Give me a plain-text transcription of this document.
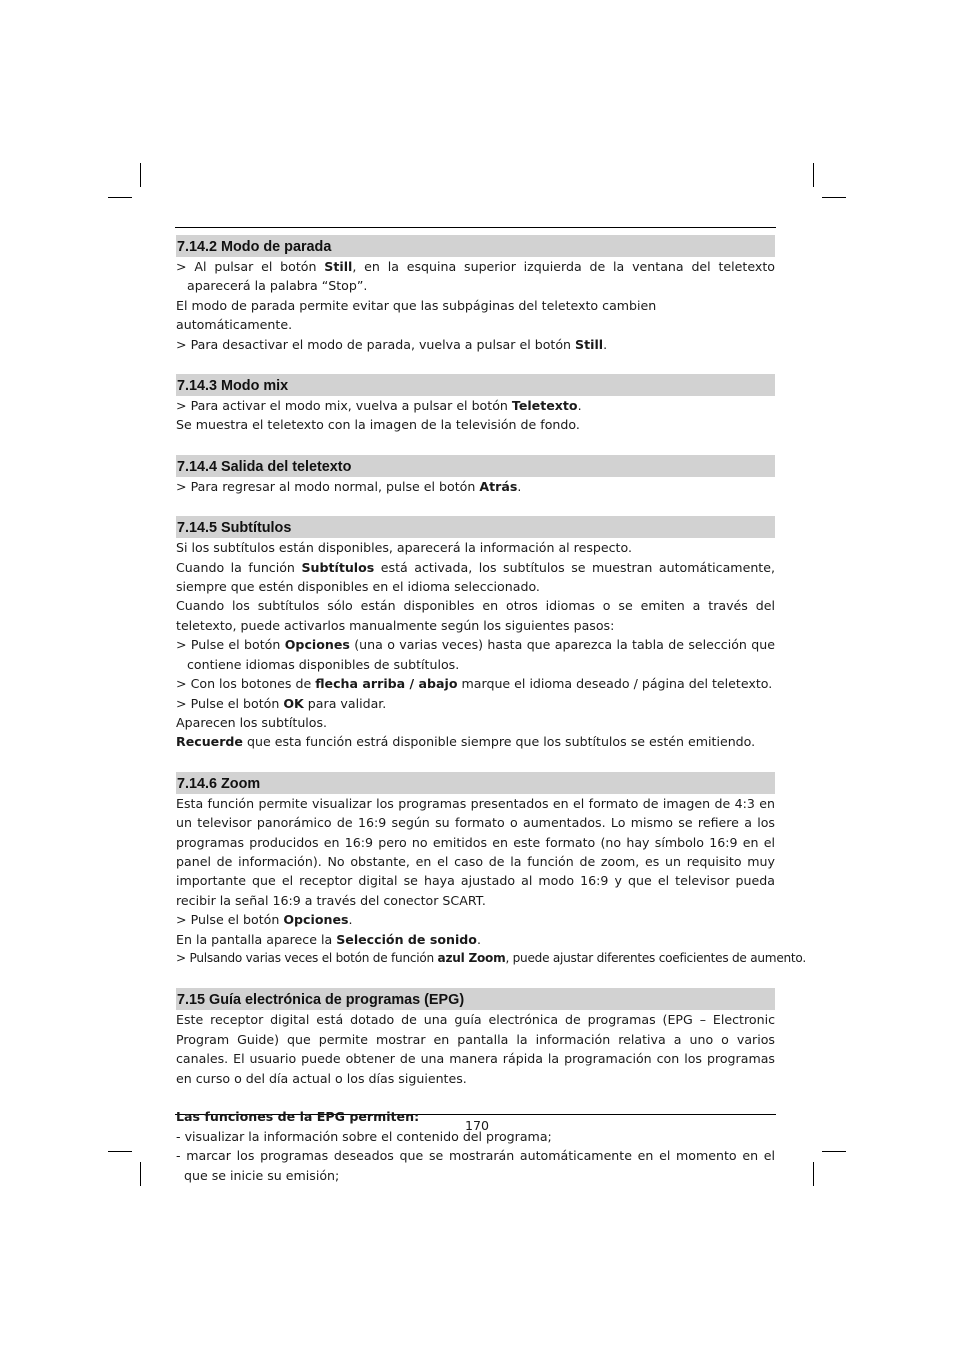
7.14.2 Modo de parada

> Al pulsar el botón Still, en la esquina superior izquierda de la ventana del teletexto aparecerá la palabra “Stop”.

El modo de parada permite evitar que las subpáginas del teletexto cambien automáticamente.

> Para desactivar el modo de parada, vuelva a pulsar el botón Still.

7.14.3 Modo mix

> Para activar el modo mix, vuelva a pulsar el botón Teletexto.

Se muestra el teletexto con la imagen de la televisión de fondo.

7.14.4 Salida del teletexto

> Para regresar al modo normal, pulse el botón Atrás.

7.14.5 Subtítulos

Si los subtítulos están disponibles, aparecerá la información al respecto.

Cuando la función Subtítulos está activada, los subtítulos se muestran automáticamente, siempre que estén disponibles en el idioma seleccionado.

Cuando los subtítulos sólo están disponibles en otros idiomas o se emiten a través del teletexto, puede activarlos manualmente según los siguientes pasos:

> Pulse el botón Opciones (una o varias veces) hasta que aparezca la tabla de selección que contiene idiomas disponibles de subtítulos.

> Con los botones de flecha arriba / abajo marque el idioma deseado / página del teletexto.

> Pulse el botón OK para validar.

Aparecen los subtítulos.

Recuerde que esta función estrá disponible siempre que los subtítulos se estén emitiendo.

7.14.6 Zoom

Esta función permite visualizar los programas presentados en el formato de imagen de 4:3 en un televisor panorámico de 16:9 según su formato o aumentados. Lo mismo se refiere a los programas producidos en 16:9 pero no emitidos en este formato (no hay símbolo 16:9 en el panel de información). No obstante, en el caso de la función de zoom, es un requisito muy importante que el receptor digital se haya ajustado al modo 16:9 y que el televisor pueda recibir la señal 16:9 a través del conector SCART.

> Pulse el botón Opciones.

En la pantalla aparece la Selección de sonido.

> Pulsando varias veces el botón de función azul Zoom, puede ajustar diferentes coeficientes de aumento.

7.15 Guía electrónica de programas (EPG)

Este receptor digital está dotado de una guía electrónica de programas (EPG – Electronic Program Guide) que permite mostrar en pantalla la información relativa a uno o varios canales. El usuario puede obtener de una manera rápida la programación con los programas en curso o del día actual o los días siguientes.

Las funciones de la EPG permiten:

- visualizar la información sobre el contenido del programa;

- marcar los programas deseados que se mostrarán automáticamente en el momento en el que se inicie su emisión;

170
